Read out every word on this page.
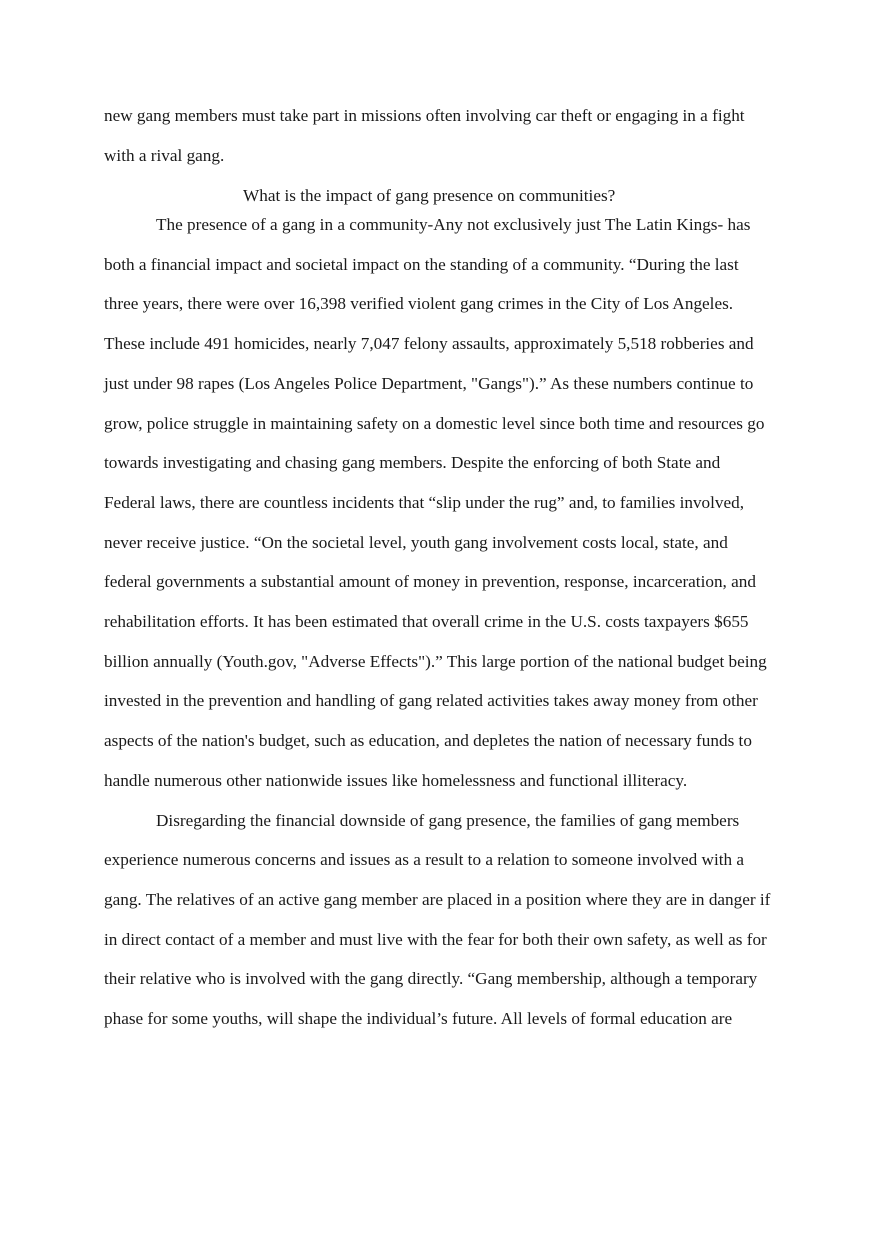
new gang members must take part in missions often involving car theft or engaging in a fight
with a rival gang.
What is the impact of gang presence on communities?
The presence of a gang in a community-Any not exclusively just The Latin Kings- has
both a financial impact and societal impact on the standing of a community. “During the last
three years, there were over 16,398 verified violent gang crimes in the City of Los Angeles.
These include 491 homicides, nearly 7,047 felony assaults, approximately 5,518 robberies and
just under 98 rapes (Los Angeles Police Department, "Gangs").” As these numbers continue to
grow, police struggle in maintaining safety on a domestic level since both time and resources go
towards investigating and chasing gang members. Despite the enforcing of both State and
Federal laws, there are countless incidents that “slip under the rug” and, to families involved,
never receive justice. “On the societal level, youth gang involvement costs local, state, and
federal governments a substantial amount of money in prevention, response, incarceration, and
rehabilitation efforts. It has been estimated that overall crime in the U.S. costs taxpayers $655
billion annually (Youth.gov, "Adverse Effects").” This large portion of the national budget being
invested in the prevention and handling of gang related activities takes away money from other
aspects of the nation's budget, such as education, and depletes the nation of necessary funds to
handle numerous other nationwide issues like homelessness and functional illiteracy.
Disregarding the financial downside of gang presence, the families of gang members
experience numerous concerns and issues as a result to a relation to someone involved with a
gang. The relatives of an active gang member are placed in a position where they are in danger if
in direct contact of a member and must live with the fear for both their own safety, as well as for
their relative who is involved with the gang directly. “Gang membership, although a temporary
phase for some youths, will shape the individual’s future. All levels of formal education are
